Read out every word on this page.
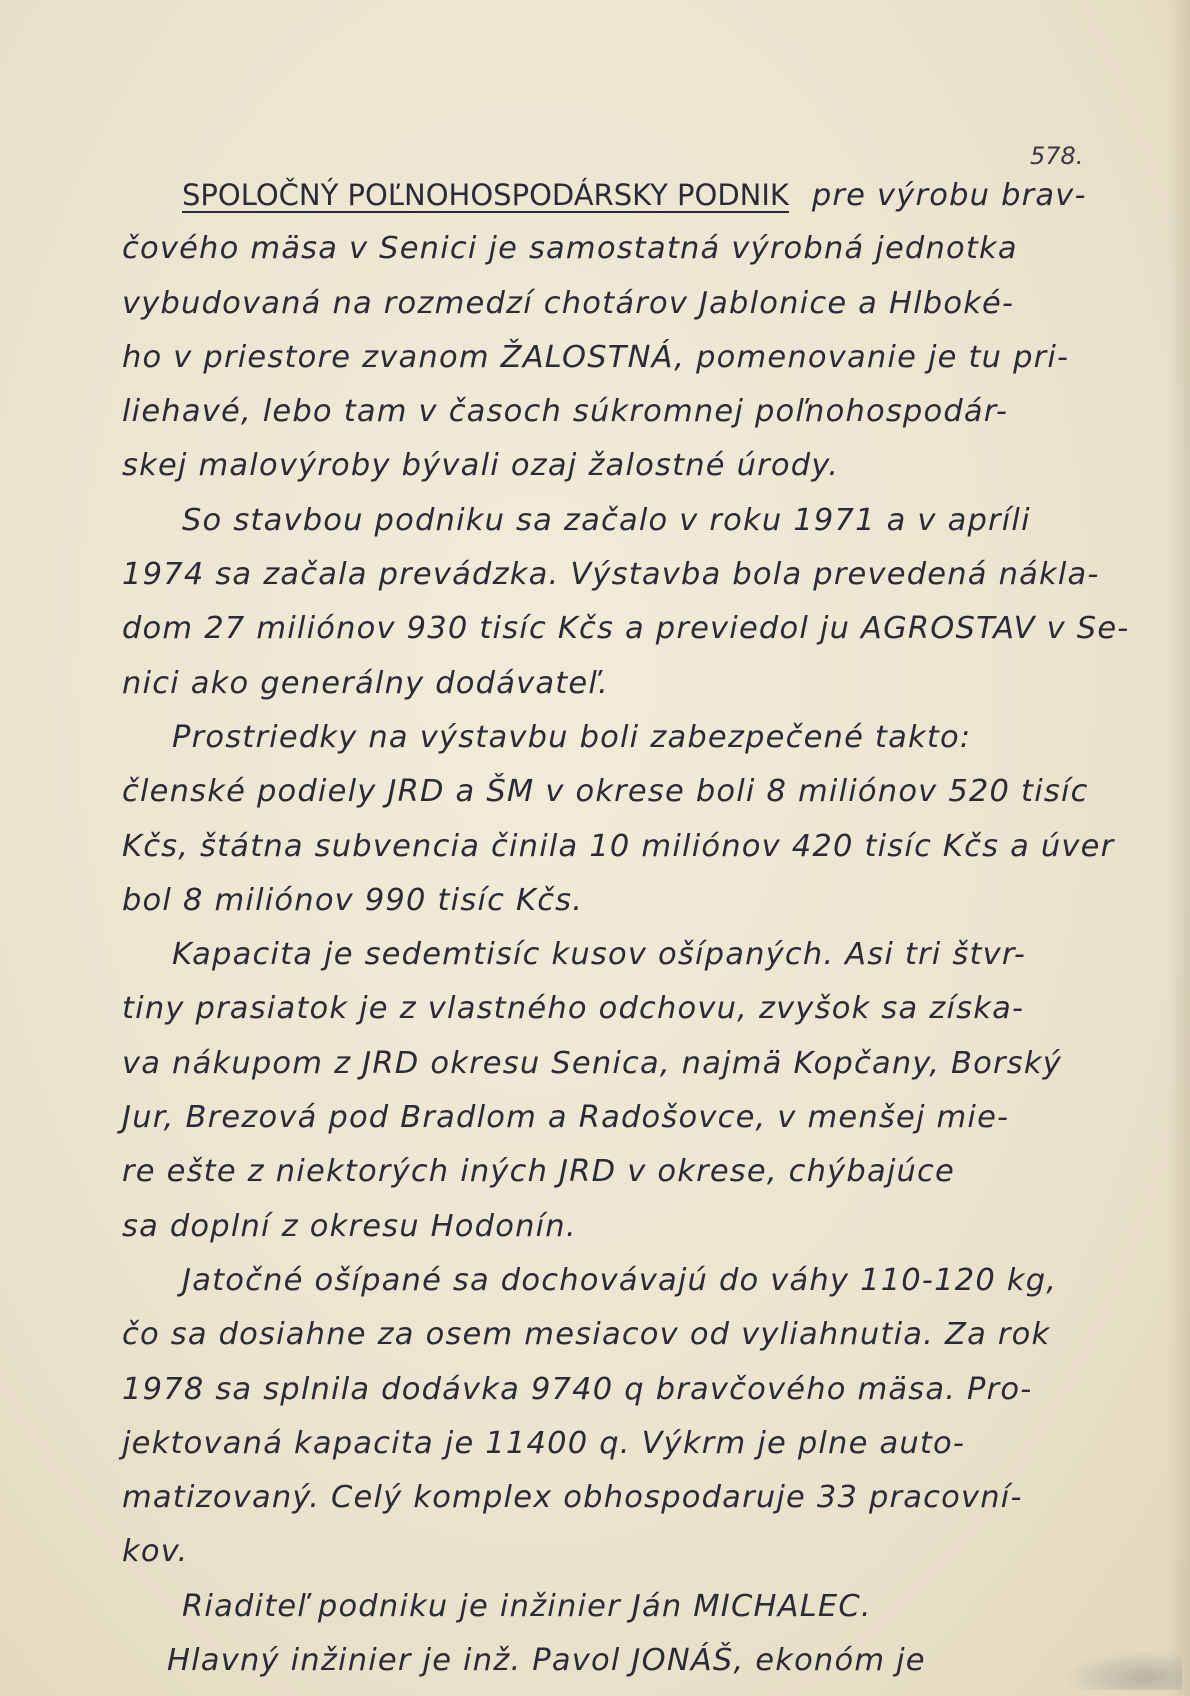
578.
SPOLOČNÝ POĽNOHOSPODÁRSKY PODNIK pre výrobu brav-
čového mäsa v Senici je samostatná výrobná jednotka
vybudovaná na rozmedzí chotárov Jablonice a Hlboké-
ho v priestore zvanom ŽALOSTNÁ, pomenovanie je tu pri-
liehavé, lebo tam v časoch súkromnej poľnohospodár-
skej malovýroby bývali ozaj žalostné úrody.
So stavbou podniku sa začalo v roku 1971 a v apríli
1974 sa začala prevádzka. Výstavba bola prevedená nákla-
dom 27 miliónov 930 tisíc Kčs a previedol ju AGROSTAV v Se-
nici ako generálny dodávateľ.
Prostriedky na výstavbu boli zabezpečené takto:
členské podiely JRD a ŠM v okrese boli 8 miliónov 520 tisíc
Kčs, štátna subvencia činila 10 miliónov 420 tisíc Kčs a úver
bol 8 miliónov 990 tisíc Kčs.
Kapacita je sedemtisíc kusov ošípaných. Asi tri štvr-
tiny prasiatok je z vlastného odchovu, zvyšok sa získa-
va nákupom z JRD okresu Senica, najmä Kopčany, Borský
Jur, Brezová pod Bradlom a Radošovce, v menšej mie-
re ešte z niektorých iných JRD v okrese, chýbajúce
sa doplní z okresu Hodonín.
Jatočné ošípané sa dochovávajú do váhy 110-120 kg,
čo sa dosiahne za osem mesiacov od vyliahnutia. Za rok
1978 sa splnila dodávka 9740 q bravčového mäsa. Pro-
jektovaná kapacita je 11400 q. Výkrm je plne auto-
matizovaný. Celý komplex obhospodaruje 33 pracovní-
kov.
Riaditeľ podniku je inžinier Ján MICHALEC.
Hlavný inžinier je inž. Pavol JONÁŠ, ekonóm je
